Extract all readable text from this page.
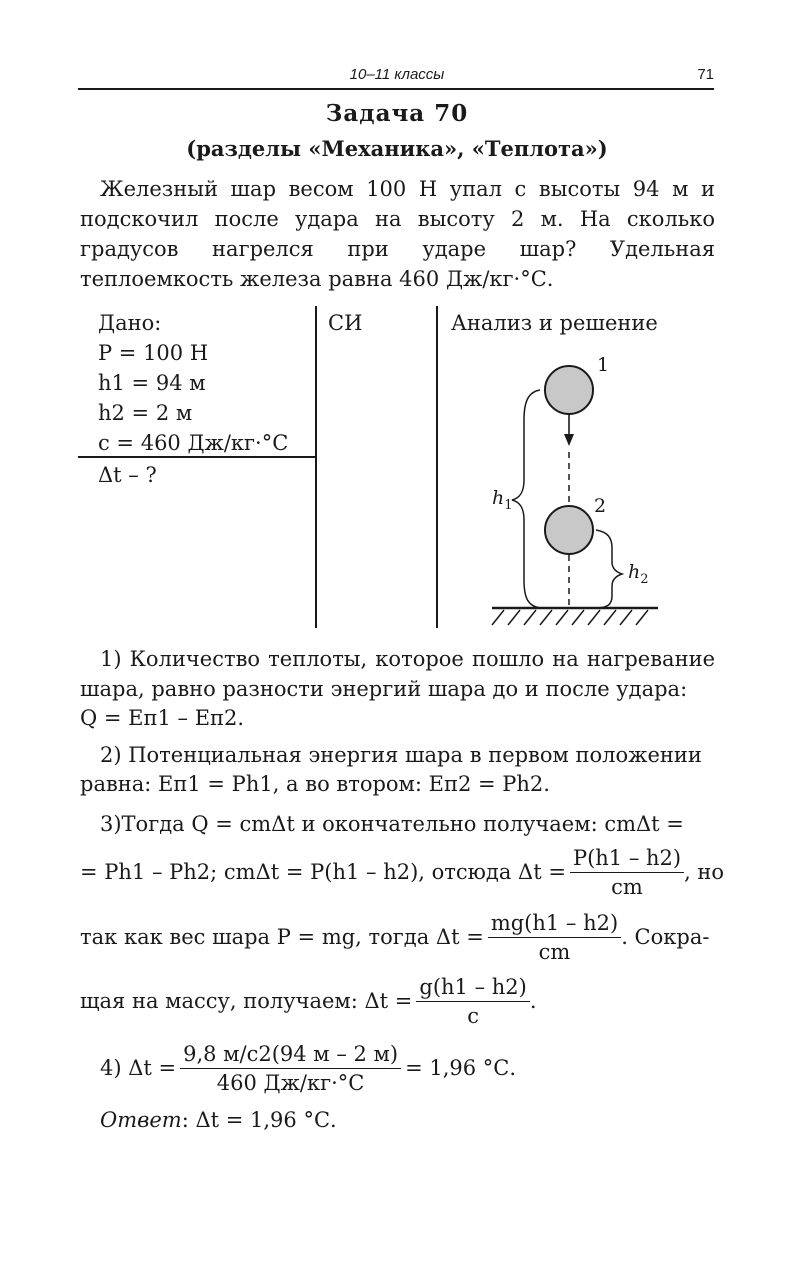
10–11 классы	71
Задача 70
(разделы «Механика», «Теплота»)
Железный шар весом 100 Н упал с высоты 94 м и подскочил после удара на высоту 2 м. На сколько градусов нагрелся при ударе шар? Удельная теплоемкость железа равна 460 Дж/кг·°С.
Дано:	СИ	Анализ и решение
P = 100 Н
h1 = 94 м
h2 = 2 м
c = 460 Дж/кг·°С
Δt – ?
1
2
$h_1$
$h_2$
1) Количество теплоты, которое пошло на нагревание шара, равно разности энергий шара до и после удара:
Q = Eп1 – Eп2.
2) Потенциальная энергия шара в первом положении
равна: Eп1 = Ph1, а во втором: Eп2 = Ph2.
3)Тогда Q = cmΔt и окончательно получаем: cmΔt =
= Ph1 – Ph2; cmΔt = P(h1 – h2), отсюда $\Delta t = \frac{P(h1 - h2)}{cm}$ , но
так как вес шара P = mg, тогда $\Delta t = \frac{mg(h1 - h2)}{cm}$ . Сокра-
щая на массу, получаем: $\Delta t = \frac{g(h1 - h2)}{c}$ .
4) $\Delta t = \frac{9,8 м/с2(94 м - 2 м)}{460 Дж/кг\cdot^\circ С} = 1,96$ °С.
Ответ: Δt = 1,96 °С.
